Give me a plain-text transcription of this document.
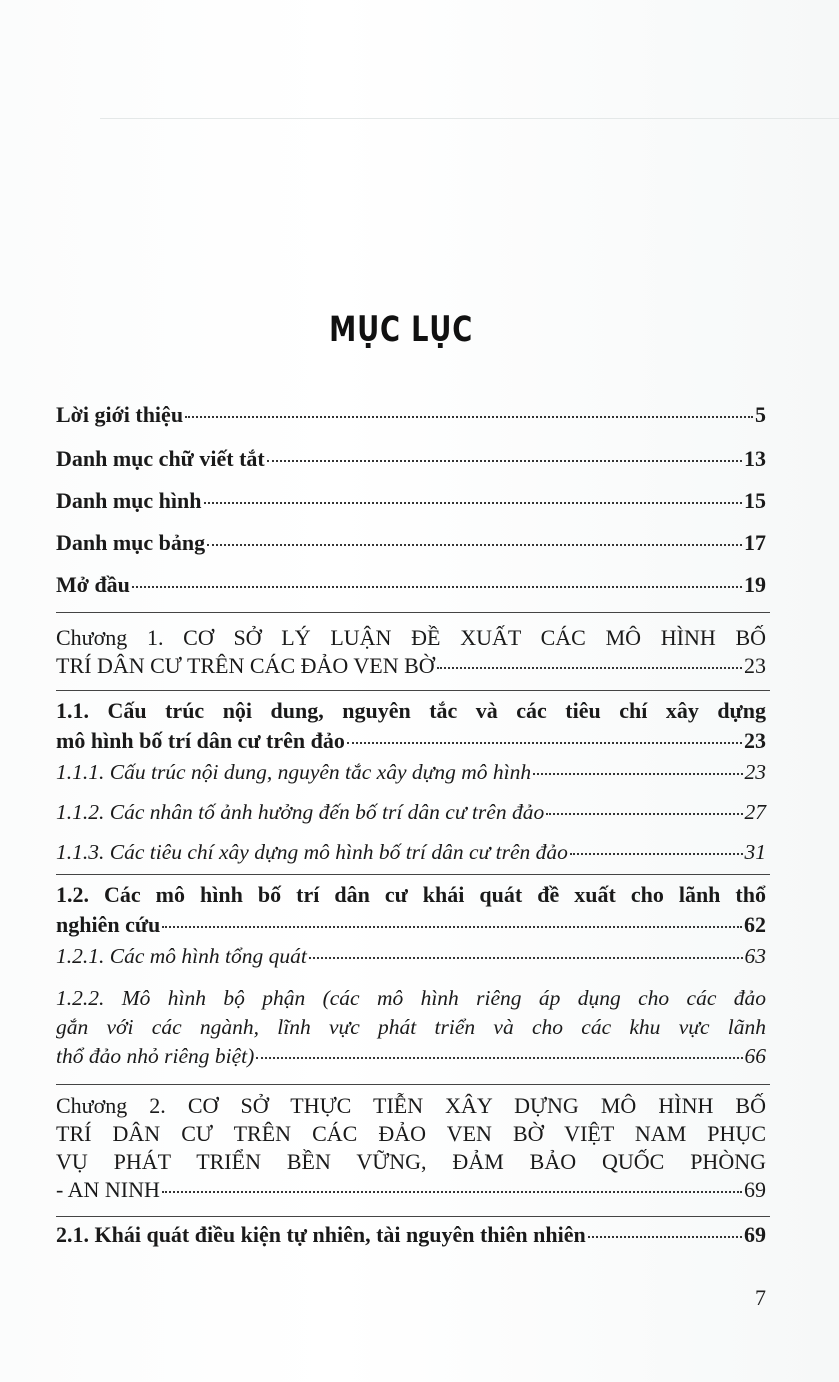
MỤC LỤC
Lời giới thiệu	5
Danh mục chữ viết tắt	13
Danh mục hình	15
Danh mục bảng	17
Mở đầu	19
Chương 1. CƠ SỞ LÝ LUẬN ĐỀ XUẤT CÁC MÔ HÌNH BỐ
TRÍ DÂN CƯ TRÊN CÁC ĐẢO VEN BỜ	23
1.1. Cấu trúc nội dung, nguyên tắc và các tiêu chí xây dựng
mô hình bố trí dân cư trên đảo	23
1.1.1. Cấu trúc nội dung, nguyên tắc xây dựng mô hình	23
1.1.2. Các nhân tố ảnh hưởng đến bố trí dân cư trên đảo	27
1.1.3. Các tiêu chí xây dựng mô hình bố trí dân cư trên đảo	31
1.2. Các mô hình bố trí dân cư khái quát đề xuất cho lãnh thổ
nghiên cứu	62
1.2.1. Các mô hình tổng quát	63
1.2.2. Mô hình bộ phận (các mô hình riêng áp dụng cho các đảo
gắn với các ngành, lĩnh vực phát triển và cho các khu vực lãnh
thổ đảo nhỏ riêng biệt)	66
Chương 2. CƠ SỞ THỰC TIỄN XÂY DỰNG MÔ HÌNH BỐ
TRÍ DÂN CƯ TRÊN CÁC ĐẢO VEN BỜ VIỆT NAM PHỤC
VỤ PHÁT TRIỂN BỀN VỮNG, ĐẢM BẢO QUỐC PHÒNG
- AN NINH	69
2.1. Khái quát điều kiện tự nhiên, tài nguyên thiên nhiên	69
7
